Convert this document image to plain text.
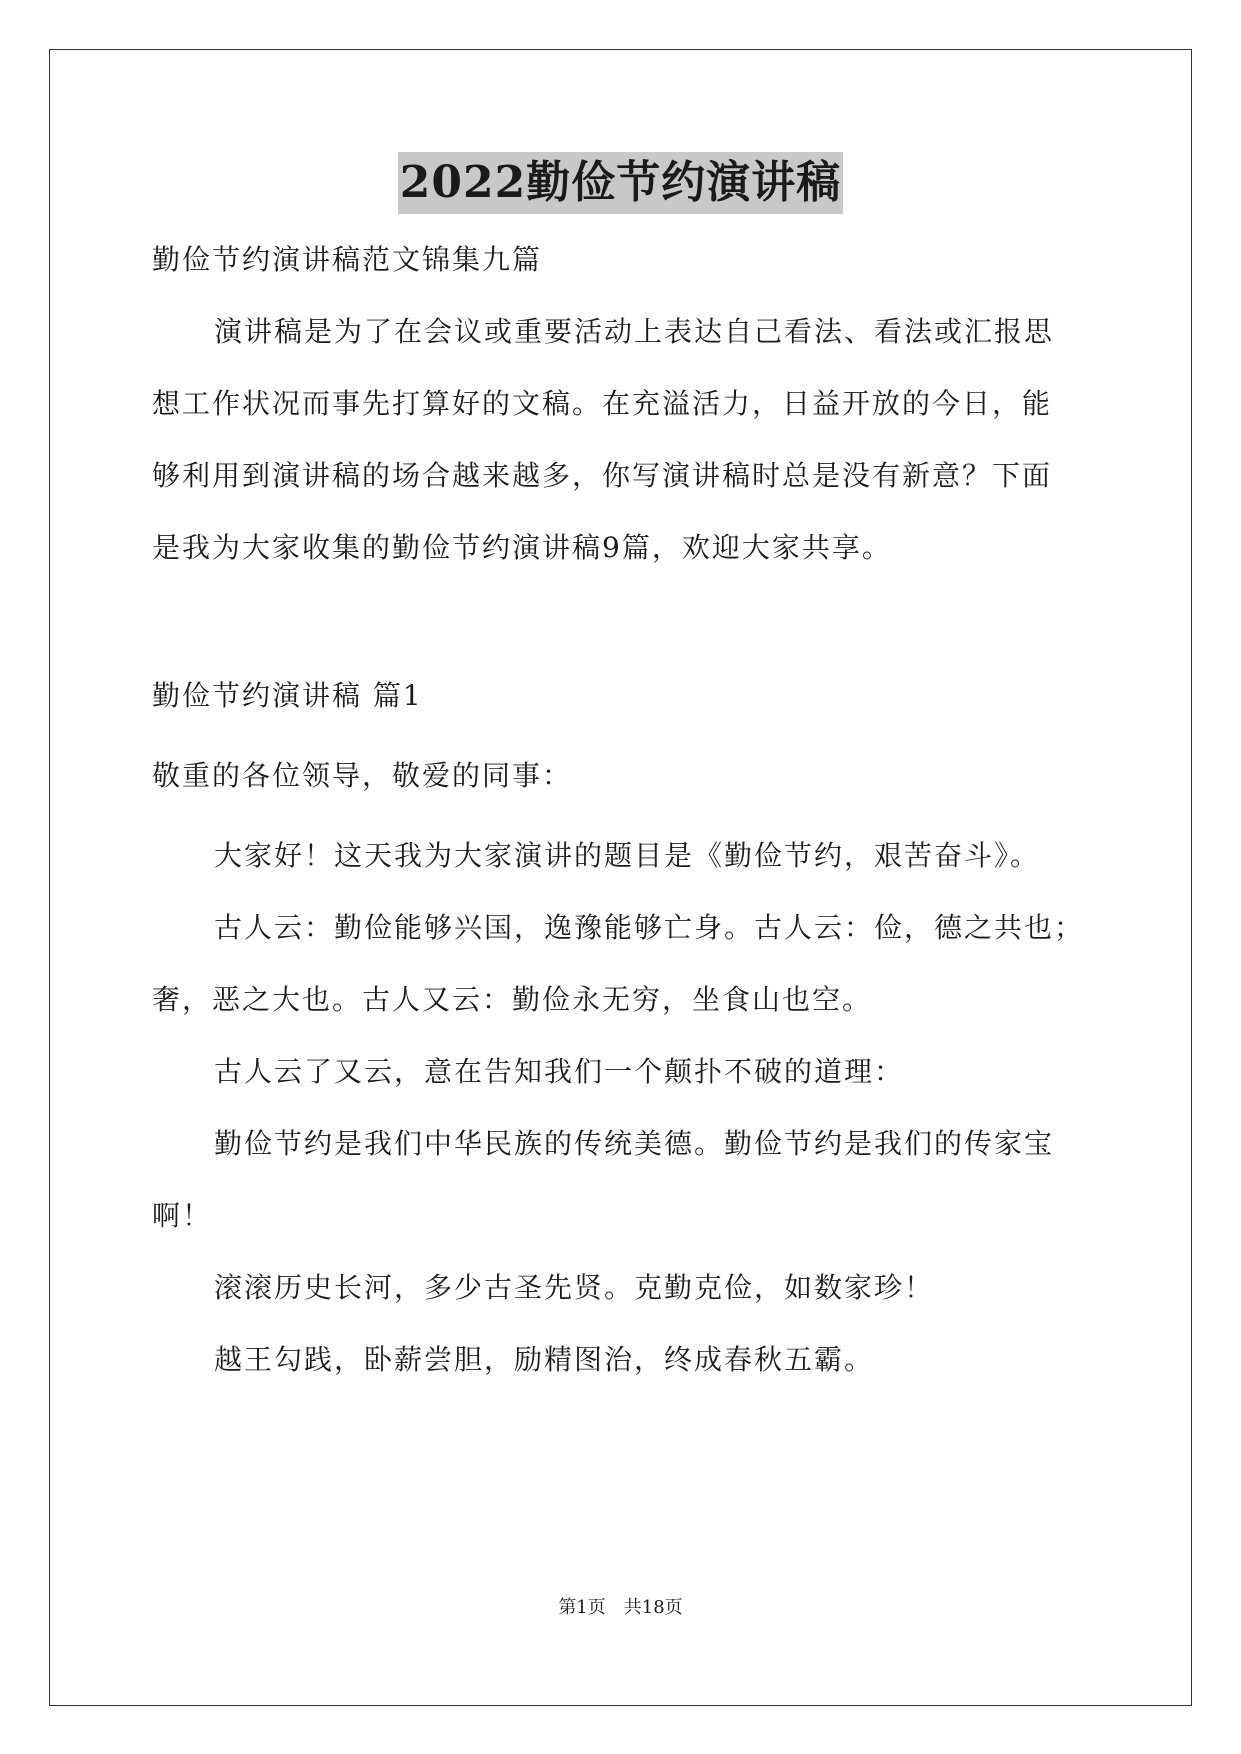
2022勤俭节约演讲稿
勤俭节约演讲稿范文锦集九篇
演讲稿是为了在会议或重要活动上表达自己看法、看法或汇报思
想工作状况而事先打算好的文稿。在充溢活力，日益开放的今日，能
够利用到演讲稿的场合越来越多，你写演讲稿时总是没有新意？下面
是我为大家收集的勤俭节约演讲稿9篇，欢迎大家共享。
勤俭节约演讲稿 篇1
敬重的各位领导，敬爱的同事：
大家好！这天我为大家演讲的题目是《勤俭节约，艰苦奋斗》。
古人云：勤俭能够兴国，逸豫能够亡身。古人云：俭，德之共也；
奢，恶之大也。古人又云：勤俭永无穷，坐食山也空。
古人云了又云，意在告知我们一个颠扑不破的道理：
勤俭节约是我们中华民族的传统美德。勤俭节约是我们的传家宝
啊！
滚滚历史长河，多少古圣先贤。克勤克俭，如数家珍！
越王勾践，卧薪尝胆，励精图治，终成春秋五霸。
第1页　共18页
